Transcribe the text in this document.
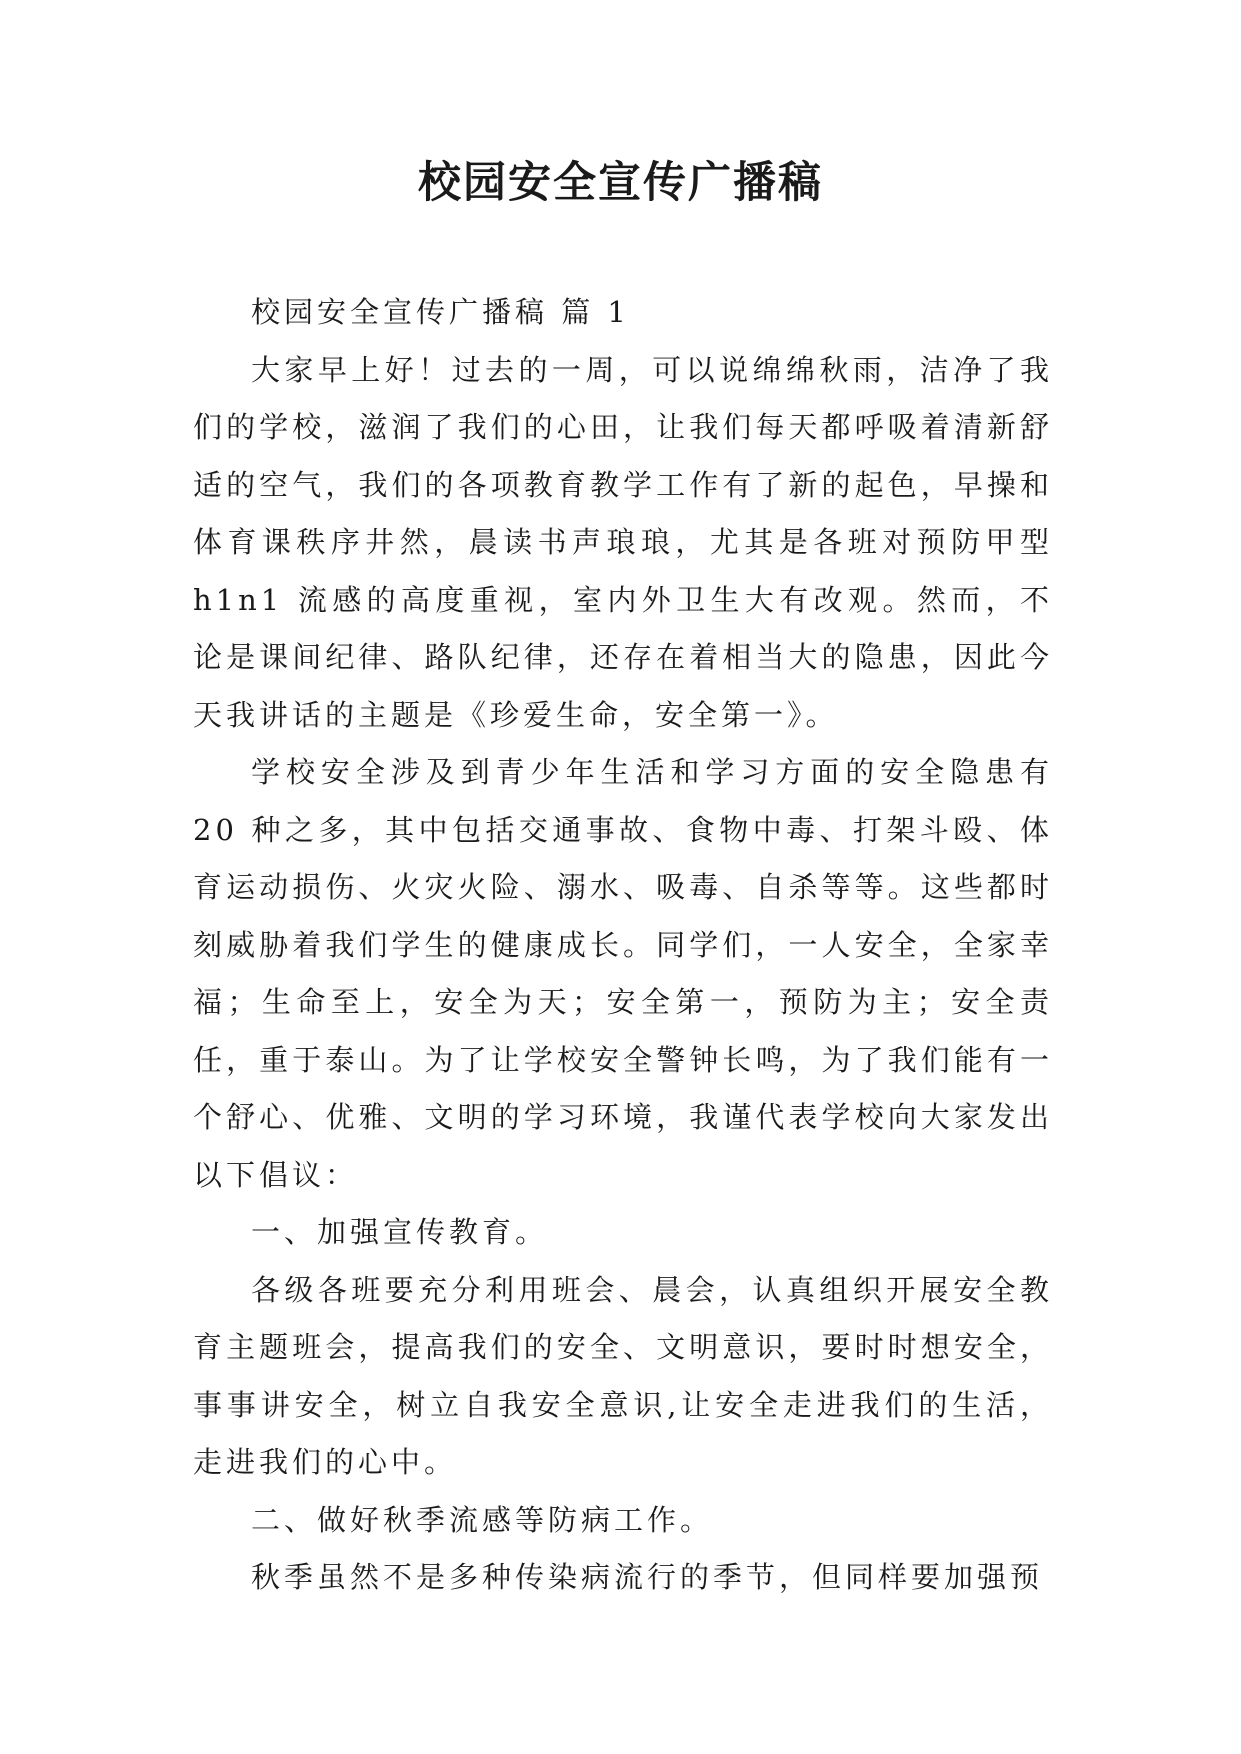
校园安全宣传广播稿

校园安全宣传广播稿 篇 1

大家早上好！过去的一周，可以说绵绵秋雨，洁净了我们的学校，滋润了我们的心田，让我们每天都呼吸着清新舒适的空气，我们的各项教育教学工作有了新的起色，早操和体育课秩序井然，晨读书声琅琅，尤其是各班对预防甲型h1n1 流感的高度重视，室内外卫生大有改观。然而，不论是课间纪律、路队纪律，还存在着相当大的隐患，因此今天我讲话的主题是《珍爱生命，安全第一》。

学校安全涉及到青少年生活和学习方面的安全隐患有 20 种之多，其中包括交通事故、食物中毒、打架斗殴、体育运动损伤、火灾火险、溺水、吸毒、自杀等等。这些都时刻威胁着我们学生的健康成长。同学们，一人安全，全家幸福；生命至上，安全为天；安全第一，预防为主；安全责任，重于泰山。为了让学校安全警钟长鸣，为了我们能有一个舒心、优雅、文明的学习环境，我谨代表学校向大家发出以下倡议：

一、加强宣传教育。

各级各班要充分利用班会、晨会，认真组织开展安全教育主题班会，提高我们的安全、文明意识，要时时想安全，事事讲安全，树立自我安全意识,让安全走进我们的生活，走进我们的心中。

二、做好秋季流感等防病工作。

秋季虽然不是多种传染病流行的季节，但同样要加强预
